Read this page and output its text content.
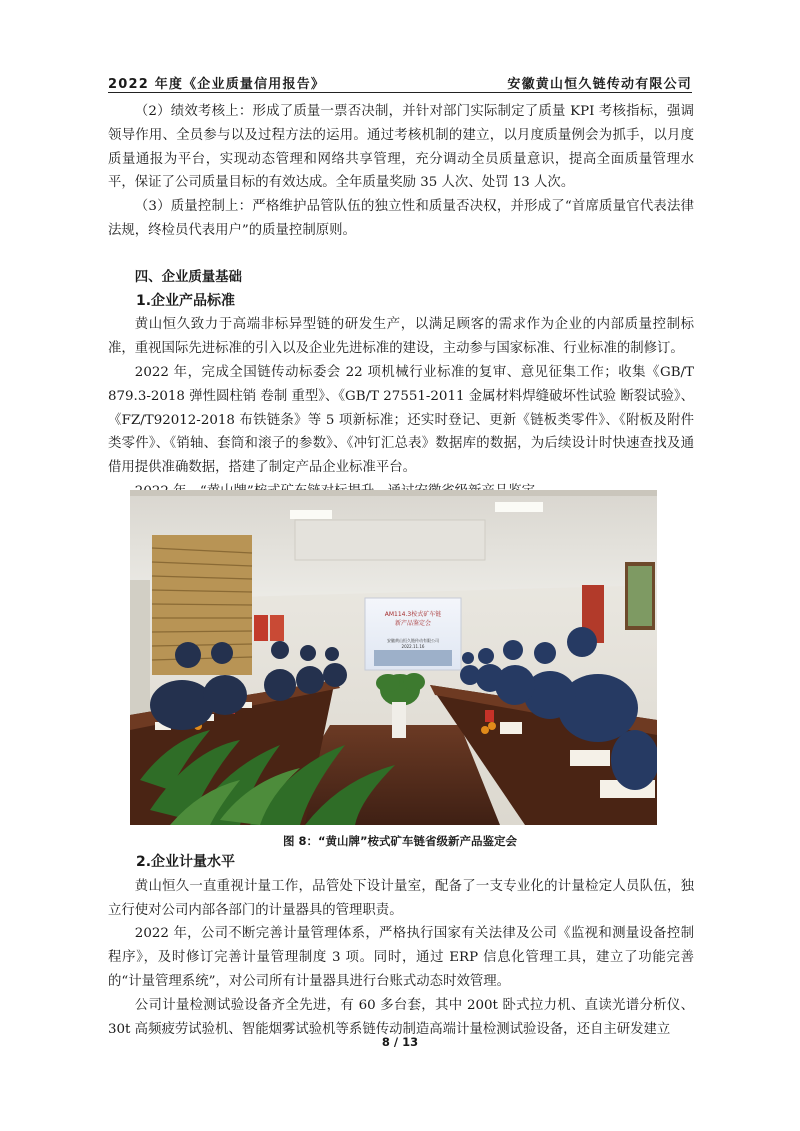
2022 年度《企业质量信用报告》	安徽黄山恒久链传动有限公司

（2）绩效考核上：形成了质量一票否决制，并针对部门实际制定了质量 KPI 考核指标，强调领导作用、全员参与以及过程方法的运用。通过考核机制的建立，以月度质量例会为抓手，以月度质量通报为平台，实现动态管理和网络共享管理，充分调动全员质量意识，提高全面质量管理水平，保证了公司质量目标的有效达成。全年质量奖励 35 人次、处罚 13 人次。

（3）质量控制上：严格维护品管队伍的独立性和质量否决权，并形成了“首席质量官代表法律法规，终检员代表用户”的质量控制原则。

四、企业质量基础

1.企业产品标准

黄山恒久致力于高端非标异型链的研发生产，以满足顾客的需求作为企业的内部质量控制标准，重视国际先进标准的引入以及企业先进标准的建设，主动参与国家标准、行业标准的制修订。

2022 年，完成全国链传动标委会 22 项机械行业标准的复审、意见征集工作；收集《GB/T 879.3-2018 弹性圆柱销 卷制 重型》、《GB/T 27551-2011 金属材料焊缝破坏性试验 断裂试验》、《FZ/T92012-2018 布铁链条》等 5 项新标准；还实时登记、更新《链板类零件》、《附板及附件类零件》、《销轴、套筒和滚子的参数》、《冲钉汇总表》数据库的数据，为后续设计时快速查找及通借用提供准确数据，搭建了制定产品企业标准平台。

AM114.3桉式矿车链
新产品鉴定会
安徽黄山恒久链传动有限公司
2022.11.16
图 8：“黄山牌”桉式矿车链省级新产品鉴定会

2.企业计量水平

黄山恒久一直重视计量工作，品管处下设计量室，配备了一支专业化的计量检定人员队伍，独立行使对公司内部各部门的计量器具的管理职责。

2022 年，公司不断完善计量管理体系，严格执行国家有关法律及公司《监视和测量设备控制程序》，及时修订完善计量管理制度 3 项。同时，通过 ERP 信息化管理工具，建立了功能完善的“计量管理系统”，对公司所有计量器具进行台账式动态时效管理。

公司计量检测试验设备齐全先进，有 60 多台套，其中 200t 卧式拉力机、直读光谱分析仪、30t 高频疲劳试验机、智能烟雾试验机等系链传动制造高端计量检测试验设备，还自主研发建立

8 / 13
